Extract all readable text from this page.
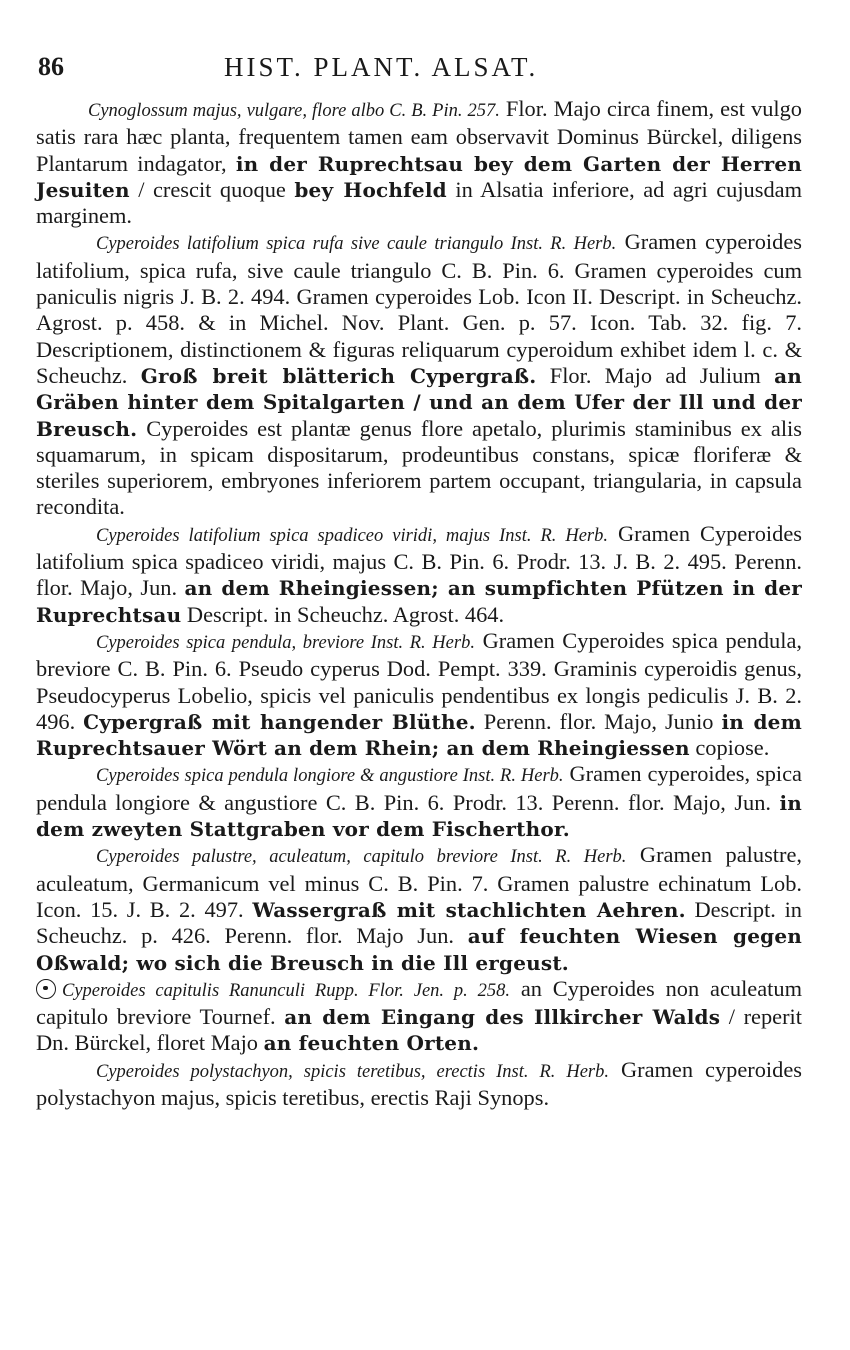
86	HIST. PLANT. ALSAT.

Cynoglossum majus, vulgare, flore albo C. B. Pin. 257. Flor. Majo circa finem, est vulgo satis rara hæc planta, frequentem tamen eam observavit Dominus Bürckel, diligens Plantarum indagator, in der Ruprechtsau bey dem Garten der Herren Jesuiten / crescit quoque bey Hochfeld in Alsatia inferiore, ad agri cujusdam marginem.

Cyperoides latifolium spica rufa sive caule triangulo Inst. R. Herb. Gramen cyperoides latifolium, spica rufa, sive caule triangulo C. B. Pin. 6. Gramen cyperoides cum paniculis nigris J. B. 2. 494. Gramen cyperoides Lob. Icon II. Descript. in Scheuchz. Agrost. p. 458. & in Michel. Nov. Plant. Gen. p. 57. Icon. Tab. 32. fig. 7. Descriptionem, distinctionem & figuras reliquarum cyperoidum exhibet idem l. c. & Scheuchz. Groß breit blätterich Cypergraß. Flor. Majo ad Julium an Gräben hinter dem Spitalgarten / und an dem Ufer der Ill und der Breusch. Cyperoides est plantæ genus flore apetalo, plurimis staminibus ex alis squamarum, in spicam dispositarum, prodeuntibus constans, spicæ floriferæ & steriles superiorem, embryones inferiorem partem occupant, triangularia, in capsula recondita.

Cyperoides latifolium spica spadiceo viridi, majus Inst. R. Herb. Gramen Cyperoides latifolium spica spadiceo viridi, majus C. B. Pin. 6. Prodr. 13. J. B. 2. 495. Perenn. flor. Majo, Jun. an dem Rheingiessen; an sumpfichten Pfützen in der Ruprechtsau Descript. in Scheuchz. Agrost. 464.

Cyperoides spica pendula, breviore Inst. R. Herb. Gramen Cyperoides spica pendula, breviore C. B. Pin. 6. Pseudo cyperus Dod. Pempt. 339. Graminis cyperoidis genus, Pseudocyperus Lobelio, spicis vel paniculis pendentibus ex longis pediculis J. B. 2. 496. Cypergraß mit hangender Blüthe. Perenn. flor. Majo, Junio in dem Ruprechtsauer Wört an dem Rhein; an dem Rheingiessen copiose.

Cyperoides spica pendula longiore & angustiore Inst. R. Herb. Gramen cyperoides, spica pendula longiore & angustiore C. B. Pin. 6. Prodr. 13. Perenn. flor. Majo, Jun. in dem zweyten Stattgraben vor dem Fischerthor.

Cyperoides palustre, aculeatum, capitulo breviore Inst. R. Herb. Gramen palustre, aculeatum, Germanicum vel minus C. B. Pin. 7. Gramen palustre echinatum Lob. Icon. 15. J. B. 2. 497. Wassergraß mit stachlichten Aehren. Descript. in Scheuchz. p. 426. Perenn. flor. Majo Jun. auf feuchten Wiesen gegen Oßwald; wo sich die Breusch in die Ill ergeust.

Cyperoides capitulis Ranunculi Rupp. Flor. Jen. p. 258. an Cyperoides non aculeatum capitulo breviore Tournef. an dem Eingang des Illkircher Walds / reperit Dn. Bürckel, floret Majo an feuchten Orten.

Cyperoides polystachyon, spicis teretibus, erectis Inst. R. Herb. Gramen cyperoides polystachyon majus, spicis teretibus, erectis Raji Synops.
